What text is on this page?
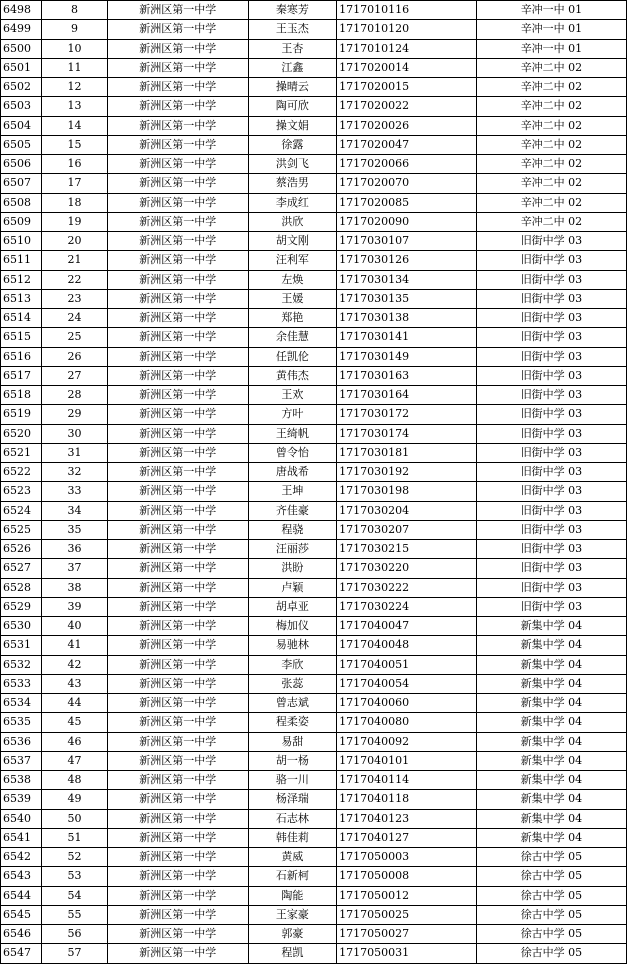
6498	8	新洲区第一中学	秦寒芳	1717010116	辛冲一中 01
6499	9	新洲区第一中学	王玉杰	1717010120	辛冲一中 01
6500	10	新洲区第一中学	王杏	1717010124	辛冲一中 01
6501	11	新洲区第一中学	江鑫	1717020014	辛冲二中 02
6502	12	新洲区第一中学	操晴云	1717020015	辛冲二中 02
6503	13	新洲区第一中学	陶可欣	1717020022	辛冲二中 02
6504	14	新洲区第一中学	操文娟	1717020026	辛冲二中 02
6505	15	新洲区第一中学	徐露	1717020047	辛冲二中 02
6506	16	新洲区第一中学	洪剑飞	1717020066	辛冲二中 02
6507	17	新洲区第一中学	蔡浩男	1717020070	辛冲二中 02
6508	18	新洲区第一中学	李成红	1717020085	辛冲二中 02
6509	19	新洲区第一中学	洪欣	1717020090	辛冲二中 02
6510	20	新洲区第一中学	胡文刚	1717030107	旧街中学 03
6511	21	新洲区第一中学	汪利军	1717030126	旧街中学 03
6512	22	新洲区第一中学	左焕	1717030134	旧街中学 03
6513	23	新洲区第一中学	王媛	1717030135	旧街中学 03
6514	24	新洲区第一中学	郑艳	1717030138	旧街中学 03
6515	25	新洲区第一中学	余佳慧	1717030141	旧街中学 03
6516	26	新洲区第一中学	任凯伦	1717030149	旧街中学 03
6517	27	新洲区第一中学	黄伟杰	1717030163	旧街中学 03
6518	28	新洲区第一中学	王欢	1717030164	旧街中学 03
6519	29	新洲区第一中学	方叶	1717030172	旧街中学 03
6520	30	新洲区第一中学	王绮帆	1717030174	旧街中学 03
6521	31	新洲区第一中学	曾令怡	1717030181	旧街中学 03
6522	32	新洲区第一中学	唐战希	1717030192	旧街中学 03
6523	33	新洲区第一中学	王坤	1717030198	旧街中学 03
6524	34	新洲区第一中学	齐佳豪	1717030204	旧街中学 03
6525	35	新洲区第一中学	程骁	1717030207	旧街中学 03
6526	36	新洲区第一中学	汪丽莎	1717030215	旧街中学 03
6527	37	新洲区第一中学	洪盼	1717030220	旧街中学 03
6528	38	新洲区第一中学	卢颖	1717030222	旧街中学 03
6529	39	新洲区第一中学	胡卓亚	1717030224	旧街中学 03
6530	40	新洲区第一中学	梅加仪	1717040047	新集中学 04
6531	41	新洲区第一中学	易驰林	1717040048	新集中学 04
6532	42	新洲区第一中学	李欣	1717040051	新集中学 04
6533	43	新洲区第一中学	张蕊	1717040054	新集中学 04
6534	44	新洲区第一中学	曾志斌	1717040060	新集中学 04
6535	45	新洲区第一中学	程柔姿	1717040080	新集中学 04
6536	46	新洲区第一中学	易甜	1717040092	新集中学 04
6537	47	新洲区第一中学	胡一杨	1717040101	新集中学 04
6538	48	新洲区第一中学	骆一川	1717040114	新集中学 04
6539	49	新洲区第一中学	杨泽瑞	1717040118	新集中学 04
6540	50	新洲区第一中学	石志林	1717040123	新集中学 04
6541	51	新洲区第一中学	韩佳莉	1717040127	新集中学 04
6542	52	新洲区第一中学	黄威	1717050003	徐古中学 05
6543	53	新洲区第一中学	石新柯	1717050008	徐古中学 05
6544	54	新洲区第一中学	陶能	1717050012	徐古中学 05
6545	55	新洲区第一中学	王家豪	1717050025	徐古中学 05
6546	56	新洲区第一中学	郭豪	1717050027	徐古中学 05
6547	57	新洲区第一中学	程凯	1717050031	徐古中学 05
